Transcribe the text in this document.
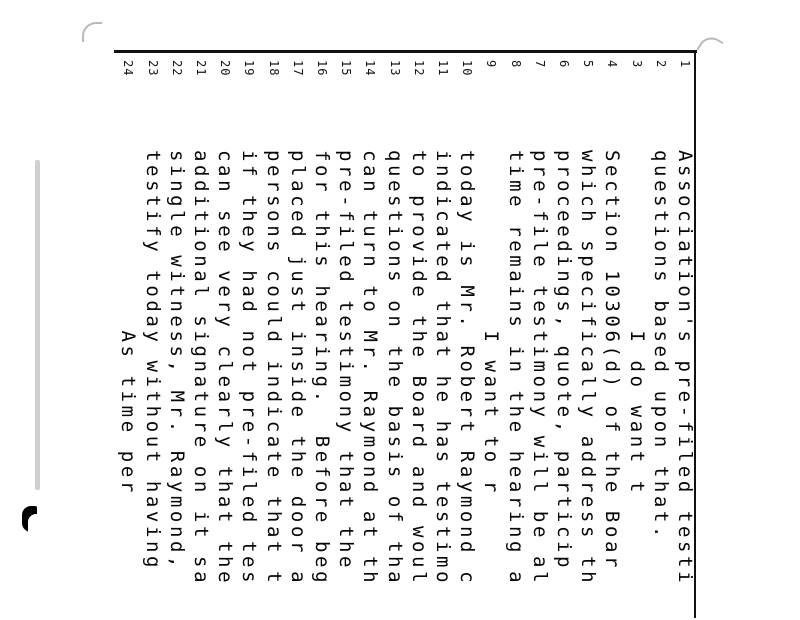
1
Association's pre-filed testi
2
questions based upon that.
3
I do want t
4
Section 10306(d) of the Boar
5
which specifically address th
6
proceedings, quote, particip
7
pre-file testimony will be al
8
time remains in the hearing a
9
I want to r
10
today is Mr. Robert Raymond c
11
indicated that he has testimo
12
to provide the Board and woul
13
questions on the basis of tha
14
can turn to Mr. Raymond at th
15
pre-filed testimony that the
16
for this hearing.  Before beg
17
placed just inside the door a
18
persons could indicate that t
19
if they had not pre-filed tes
20
can see very clearly that the
21
additional signature on it sa
22
single witness, Mr. Raymond,
23
testify today without having
24
As time per
